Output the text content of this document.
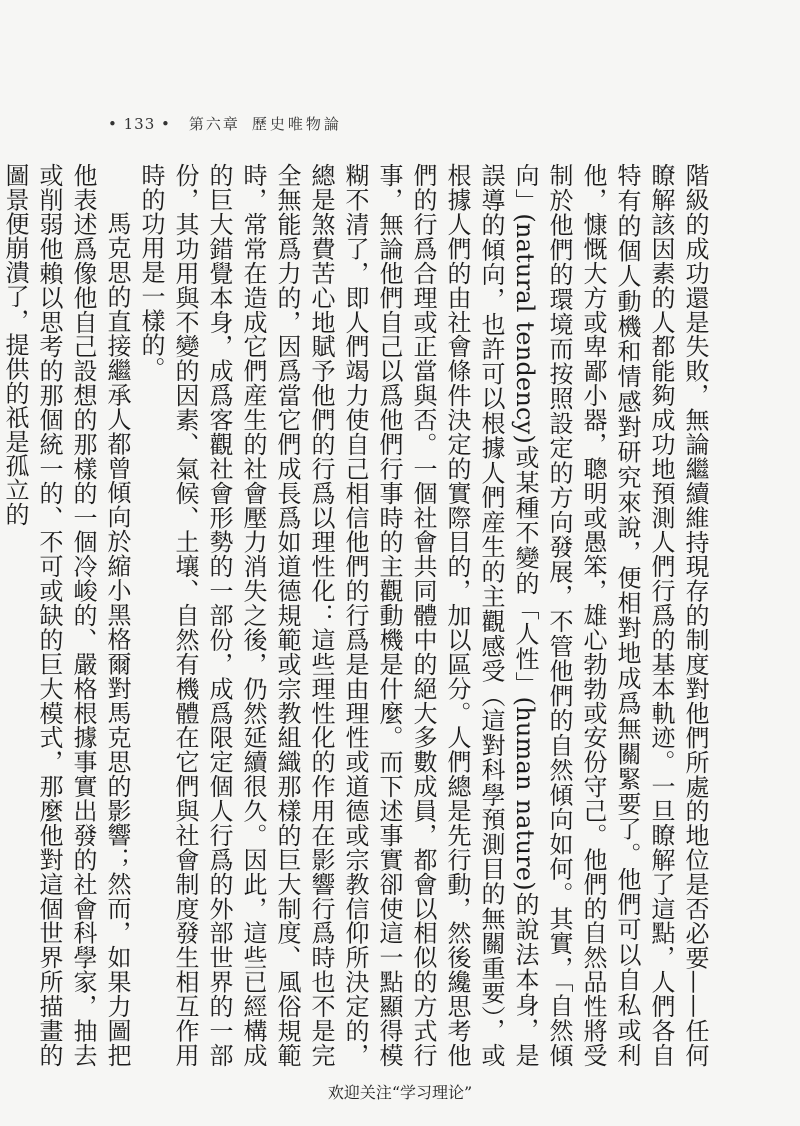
• 133 • 第六章 歷史唯物論

階級的成功還是失敗，無論繼續維持現存的制度對他們所處的地位是否必要——任何瞭解該因素的人都能夠成功地預測人們行爲的基本軌迹。一旦瞭解了這點，人們各自特有的個人動機和情感對研究來說，便相對地成爲無關緊要了。他們可以自私或利他，慷慨大方或卑鄙小器，聰明或愚笨，雄心勃勃或安份守己。他們的自然品性將受制於他們的環境而按照設定的方向發展，不管他們的自然傾向如何。其實，「自然傾向」(natural tendency)或某種不變的「人性」(human nature)的說法本身，是誤導的傾向，也許可以根據人們産生的主觀感受（這對科學預測目的無關重要），或根據人們的由社會條件決定的實際目的，加以區分。人們總是先行動，然後纔思考他們的行爲合理或正當與否。一個社會共同體中的絕大多數成員，都會以相似的方式行事，無論他們自己以爲他們行事時的主觀動機是什麼。而下述事實卻使這一點顯得模糊不清了，即人們竭力使自己相信他們的行爲是由理性或道德或宗教信仰所決定的，總是煞費苦心地賦予他們的行爲以理性化：這些理性化的作用在影響行爲時也不是完全無能爲力的，因爲當它們成長爲如道德規範或宗教組織那樣的巨大制度、風俗規範時，常常在造成它們産生的社會壓力消失之後，仍然延續很久。因此，這些已經構成的巨大錯覺本身，成爲客觀社會形勢的一部份，成爲限定個人行爲的外部世界的一部份，其功用與不變的因素、氣候、土壤、自然有機體在它們與社會制度發生相互作用時的功用是一樣的。

馬克思的直接繼承人都曾傾向於縮小黑格爾對馬克思的影響；然而，如果力圖把他表述爲像他自己設想的那樣的一個冷峻的、嚴格根據事實出發的社會科學家，抽去或削弱他賴以思考的那個統一的、不可或缺的巨大模式，那麼他對這個世界所描畫的圖景便崩潰了，提供的祇是孤立的

欢迎关注“学习理论”
